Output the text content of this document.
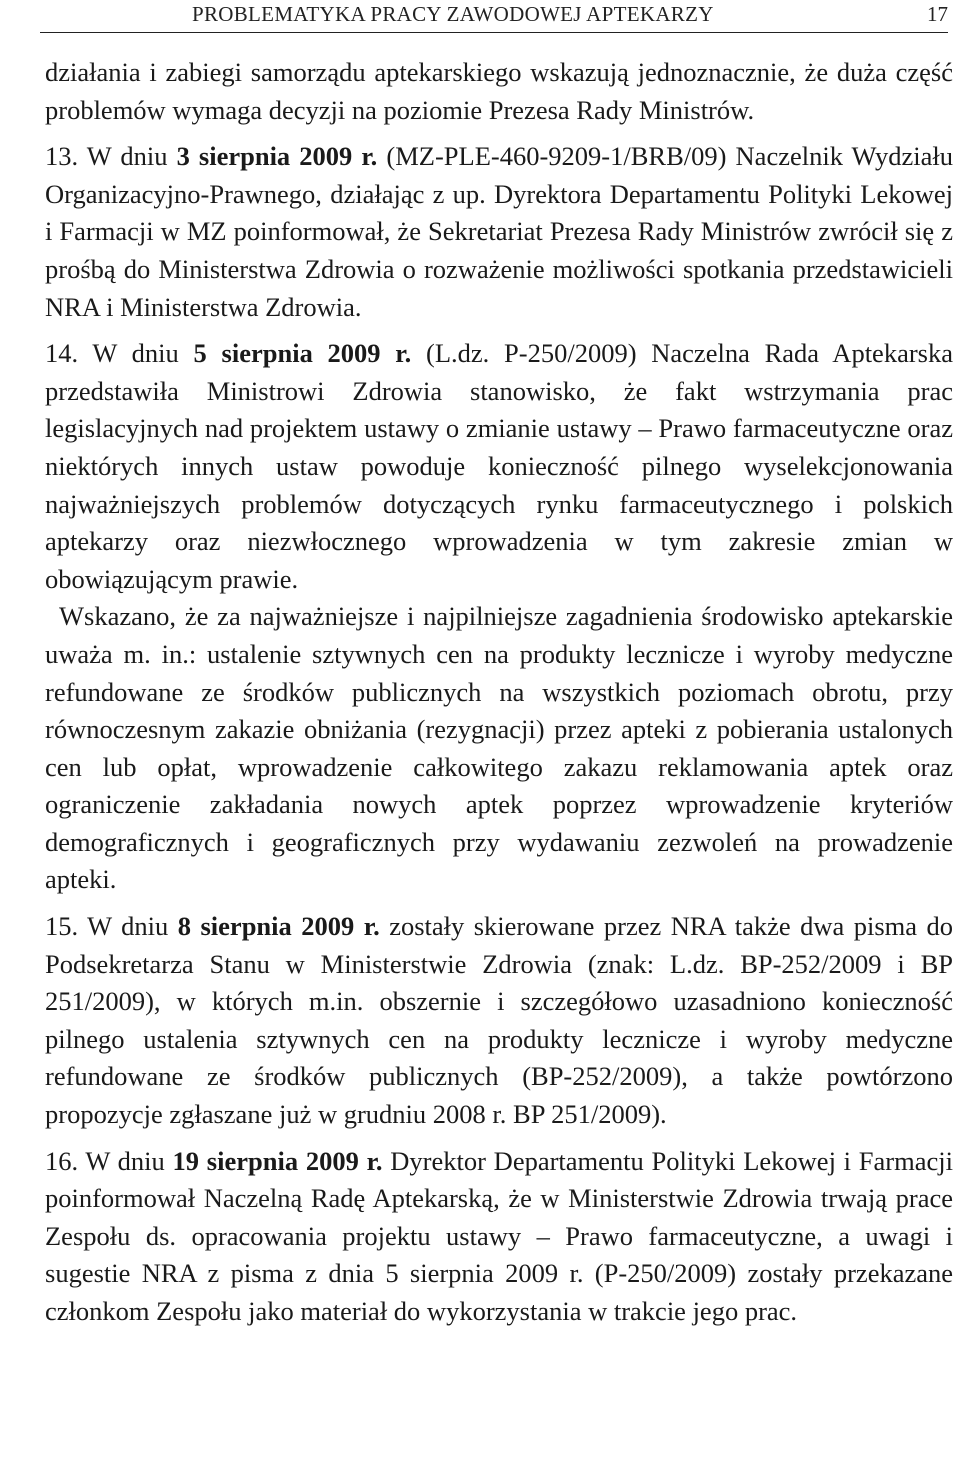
PROBLEMATYKA PRACY ZAWODOWEJ APTEKARZY	17

działania i zabiegi samorządu aptekarskiego wskazują jednoznacznie, że duża część problemów wymaga decyzji na poziomie Prezesa Rady Ministrów.

13. W dniu 3 sierpnia 2009 r. (MZ-PLE-460-9209-1/BRB/09) Naczelnik Wydziału Organizacyjno-Prawnego, działając z up. Dyrektora Departamentu Polityki Lekowej i Farmacji w MZ poinformował, że Sekretariat Prezesa Rady Ministrów zwrócił się z prośbą do Ministerstwa Zdrowia o rozważenie możliwości spotkania przedstawicieli NRA i Ministerstwa Zdrowia.

14. W dniu 5 sierpnia 2009 r. (L.dz. P-250/2009) Naczelna Rada Aptekarska przedstawiła Ministrowi Zdrowia stanowisko, że fakt wstrzymania prac legislacyjnych nad projektem ustawy o zmianie ustawy – Prawo farmaceutyczne oraz niektórych innych ustaw powoduje konieczność pilnego wyselekcjonowania najważniejszych problemów dotyczących rynku farmaceutycznego i polskich aptekarzy oraz niezwłocznego wprowadzenia w tym zakresie zmian w obowiązującym prawie.

Wskazano, że za najważniejsze i najpilniejsze zagadnienia środowisko aptekarskie uważa m. in.: ustalenie sztywnych cen na produkty lecznicze i wyroby medyczne refundowane ze środków publicznych na wszystkich poziomach obrotu, przy równoczesnym zakazie obniżania (rezygnacji) przez apteki z pobierania ustalonych cen lub opłat, wprowadzenie całkowitego zakazu reklamowania aptek oraz ograniczenie zakładania nowych aptek poprzez wprowadzenie kryteriów demograficznych i geograficznych przy wydawaniu zezwoleń na prowadzenie apteki.

15. W dniu 8 sierpnia 2009 r. zostały skierowane przez NRA także dwa pisma do Podsekretarza Stanu w Ministerstwie Zdrowia (znak: L.dz. BP-252/2009 i BP 251/2009), w których m.in. obszernie i szczegółowo uzasadniono konieczność pilnego ustalenia sztywnych cen na produkty lecznicze i wyroby medyczne refundowane ze środków publicznych (BP-252/2009), a także powtórzono propozycje zgłaszane już w grudniu 2008 r. BP 251/2009).

16. W dniu 19 sierpnia 2009 r. Dyrektor Departamentu Polityki Lekowej i Farmacji poinformował Naczelną Radę Aptekarską, że w Ministerstwie Zdrowia trwają prace Zespołu ds. opracowania projektu ustawy – Prawo farmaceutyczne, a uwagi i sugestie NRA z pisma z dnia 5 sierpnia 2009 r. (P-250/2009) zostały przekazane członkom Zespołu jako materiał do wykorzystania w trakcie jego prac.
